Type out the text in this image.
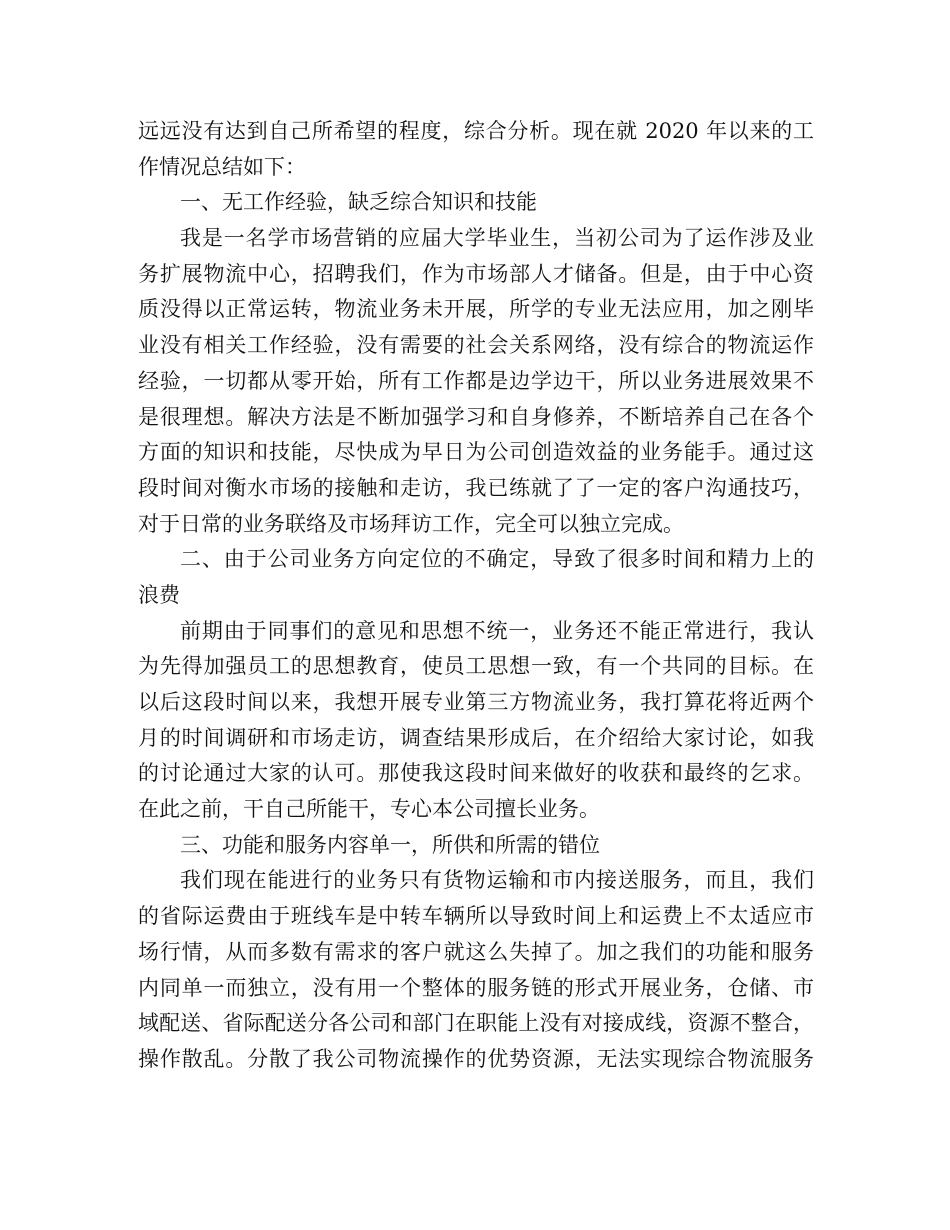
远远没有达到自己所希望的程度，综合分析。现在就 2020 年以来的工
作情况总结如下：
一、无工作经验，缺乏综合知识和技能
我是一名学市场营销的应届大学毕业生，当初公司为了运作涉及业
务扩展物流中心，招聘我们，作为市场部人才储备。但是，由于中心资
质没得以正常运转，物流业务未开展，所学的专业无法应用，加之刚毕
业没有相关工作经验，没有需要的社会关系网络，没有综合的物流运作
经验，一切都从零开始，所有工作都是边学边干，所以业务进展效果不
是很理想。解决方法是不断加强学习和自身修养，不断培养自己在各个
方面的知识和技能，尽快成为早日为公司创造效益的业务能手。通过这
段时间对衡水市场的接触和走访，我已练就了了一定的客户沟通技巧，
对于日常的业务联络及市场拜访工作，完全可以独立完成。
二、由于公司业务方向定位的不确定，导致了很多时间和精力上的
浪费
前期由于同事们的意见和思想不统一，业务还不能正常进行，我认
为先得加强员工的思想教育，使员工思想一致，有一个共同的目标。在
以后这段时间以来，我想开展专业第三方物流业务，我打算花将近两个
月的时间调研和市场走访，调查结果形成后，在介绍给大家讨论，如我
的讨论通过大家的认可。那使我这段时间来做好的收获和最终的乞求。
在此之前，干自己所能干，专心本公司擅长业务。
三、功能和服务内容单一，所供和所需的错位
我们现在能进行的业务只有货物运输和市内接送服务，而且，我们
的省际运费由于班线车是中转车辆所以导致时间上和运费上不太适应市
场行情，从而多数有需求的客户就这么失掉了。加之我们的功能和服务
内同单一而独立，没有用一个整体的服务链的形式开展业务，仓储、市
域配送、省际配送分各公司和部门在职能上没有对接成线，资源不整合，
操作散乱。分散了我公司物流操作的优势资源，无法实现综合物流服务
